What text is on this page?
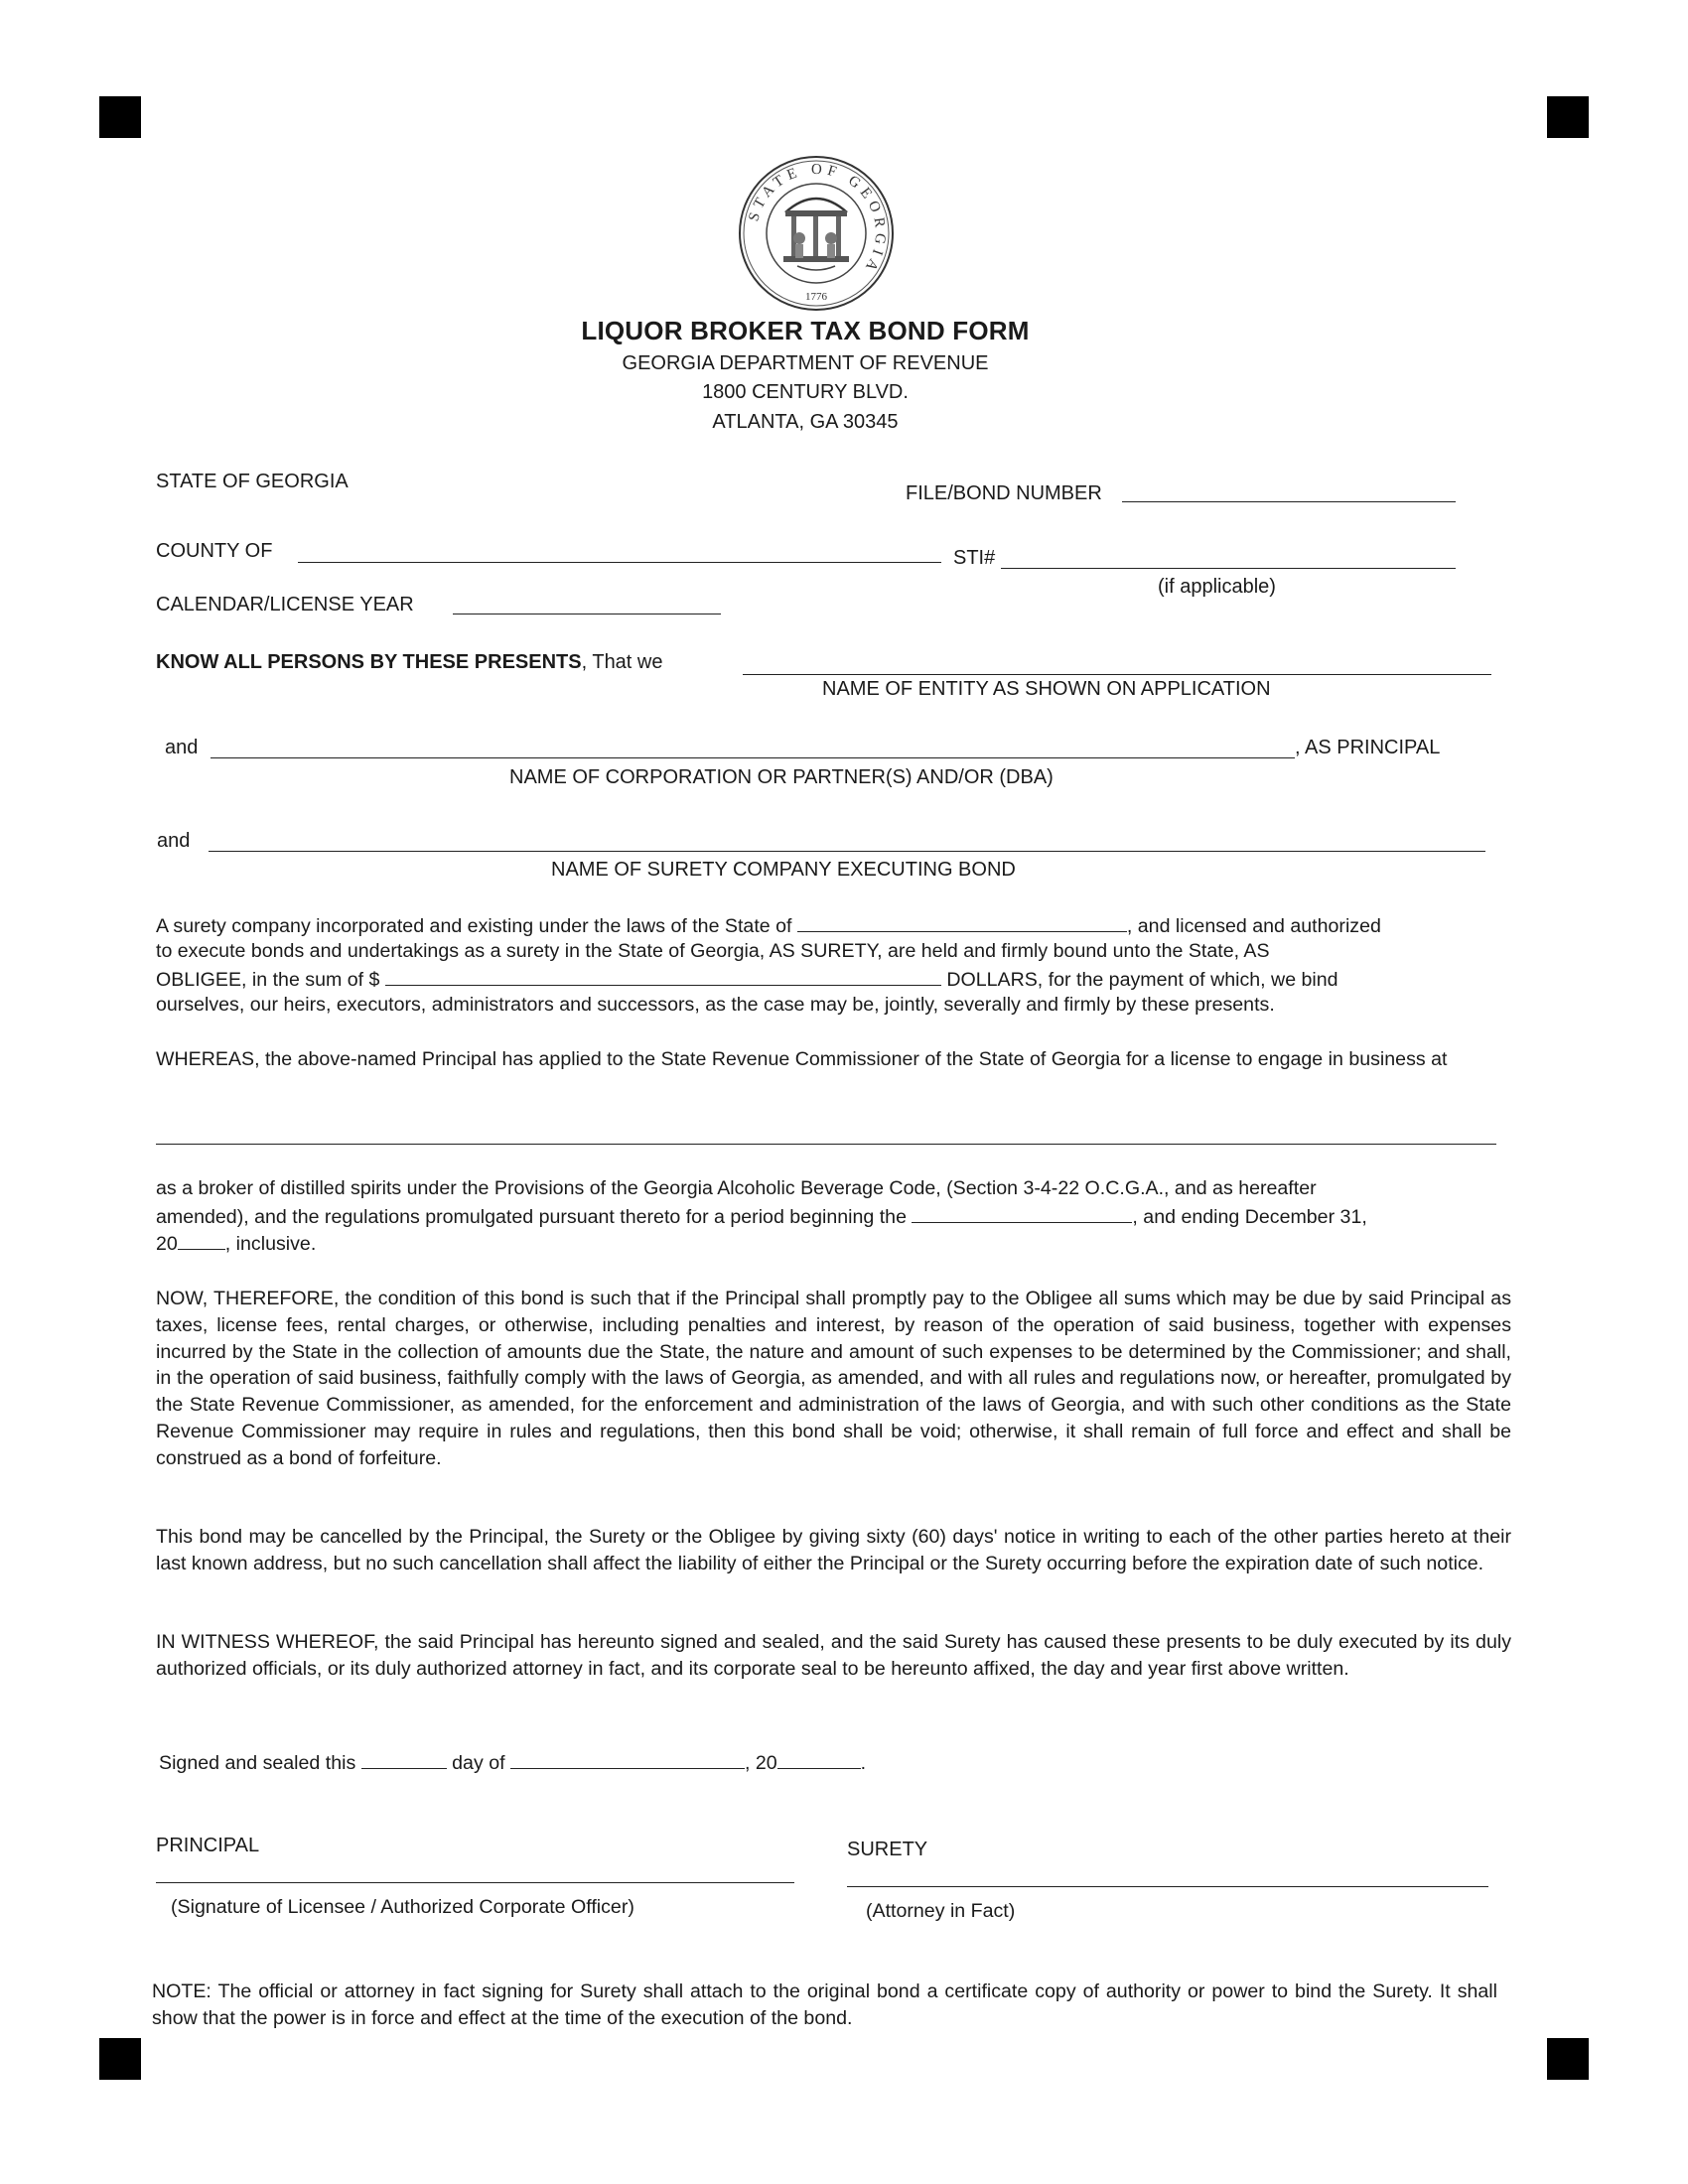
STATE OF GEORGIA
1776
LIQUOR BROKER TAX BOND FORM
GEORGIA DEPARTMENT OF REVENUE
1800 CENTURY BLVD.
ATLANTA, GA 30345
STATE OF GEORGIA
FILE/BOND NUMBER
COUNTY OF	STI#
(if applicable)
CALENDAR/LICENSE YEAR
KNOW ALL PERSONS BY THESE PRESENTS, That we
NAME OF ENTITY AS SHOWN ON APPLICATION
and	, AS PRINCIPAL
NAME OF CORPORATION OR PARTNER(S) AND/OR (DBA)
and
NAME OF SURETY COMPANY EXECUTING BOND
A surety company incorporated and existing under the laws of the State of	, and licensed and authorized
to execute bonds and undertakings as a surety in the State of Georgia, AS SURETY, are held and firmly bound unto the State, AS
OBLIGEE, in the sum of $	DOLLARS, for the payment of which, we bind
ourselves, our heirs, executors, administrators and successors, as the case may be, jointly, severally and firmly by these presents.
WHEREAS, the above-named Principal has applied to the State Revenue Commissioner of the State of Georgia for a license to engage in business at
as a broker of distilled spirits under the Provisions of the Georgia Alcoholic Beverage Code, (Section 3-4-22 O.C.G.A., and as hereafter
amended), and the regulations promulgated pursuant thereto for a period beginning the	, and ending December 31,
20 , inclusive.
NOW, THEREFORE, the condition of this bond is such that if the Principal shall promptly pay to the Obligee all sums which may be due by said Principal as taxes, license fees, rental charges, or otherwise, including penalties and interest, by reason of the operation of said business, together with expenses incurred by the State in the collection of amounts due the State, the nature and amount of such expenses to be determined by the Commissioner; and shall, in the operation of said business, faithfully comply with the laws of Georgia, as amended, and with all rules and regulations now, or hereafter, promulgated by the State Revenue Commissioner, as amended, for the enforcement and administration of the laws of Georgia, and with such other conditions as the State Revenue Commissioner may require in rules and regulations, then this bond shall be void; otherwise, it shall remain of full force and effect and shall be construed as a bond of forfeiture.
This bond may be cancelled by the Principal, the Surety or the Obligee by giving sixty (60) days' notice in writing to each of the other parties hereto at their last known address, but no such cancellation shall affect the liability of either the Principal or the Surety occurring before the expiration date of such notice.
IN WITNESS WHEREOF, the said Principal has hereunto signed and sealed, and the said Surety has caused these presents to be duly executed by its duly authorized officials, or its duly authorized attorney in fact, and its corporate seal to be hereunto affixed, the day and year first above written.
Signed and sealed this	day of	, 20	.
PRINCIPAL	SURETY
(Signature of Licensee / Authorized Corporate Officer)	(Attorney in Fact)
NOTE: The official or attorney in fact signing for Surety shall attach to the original bond a certificate copy of authority or power to bind the Surety. It shall show that the power is in force and effect at the time of the execution of the bond.
